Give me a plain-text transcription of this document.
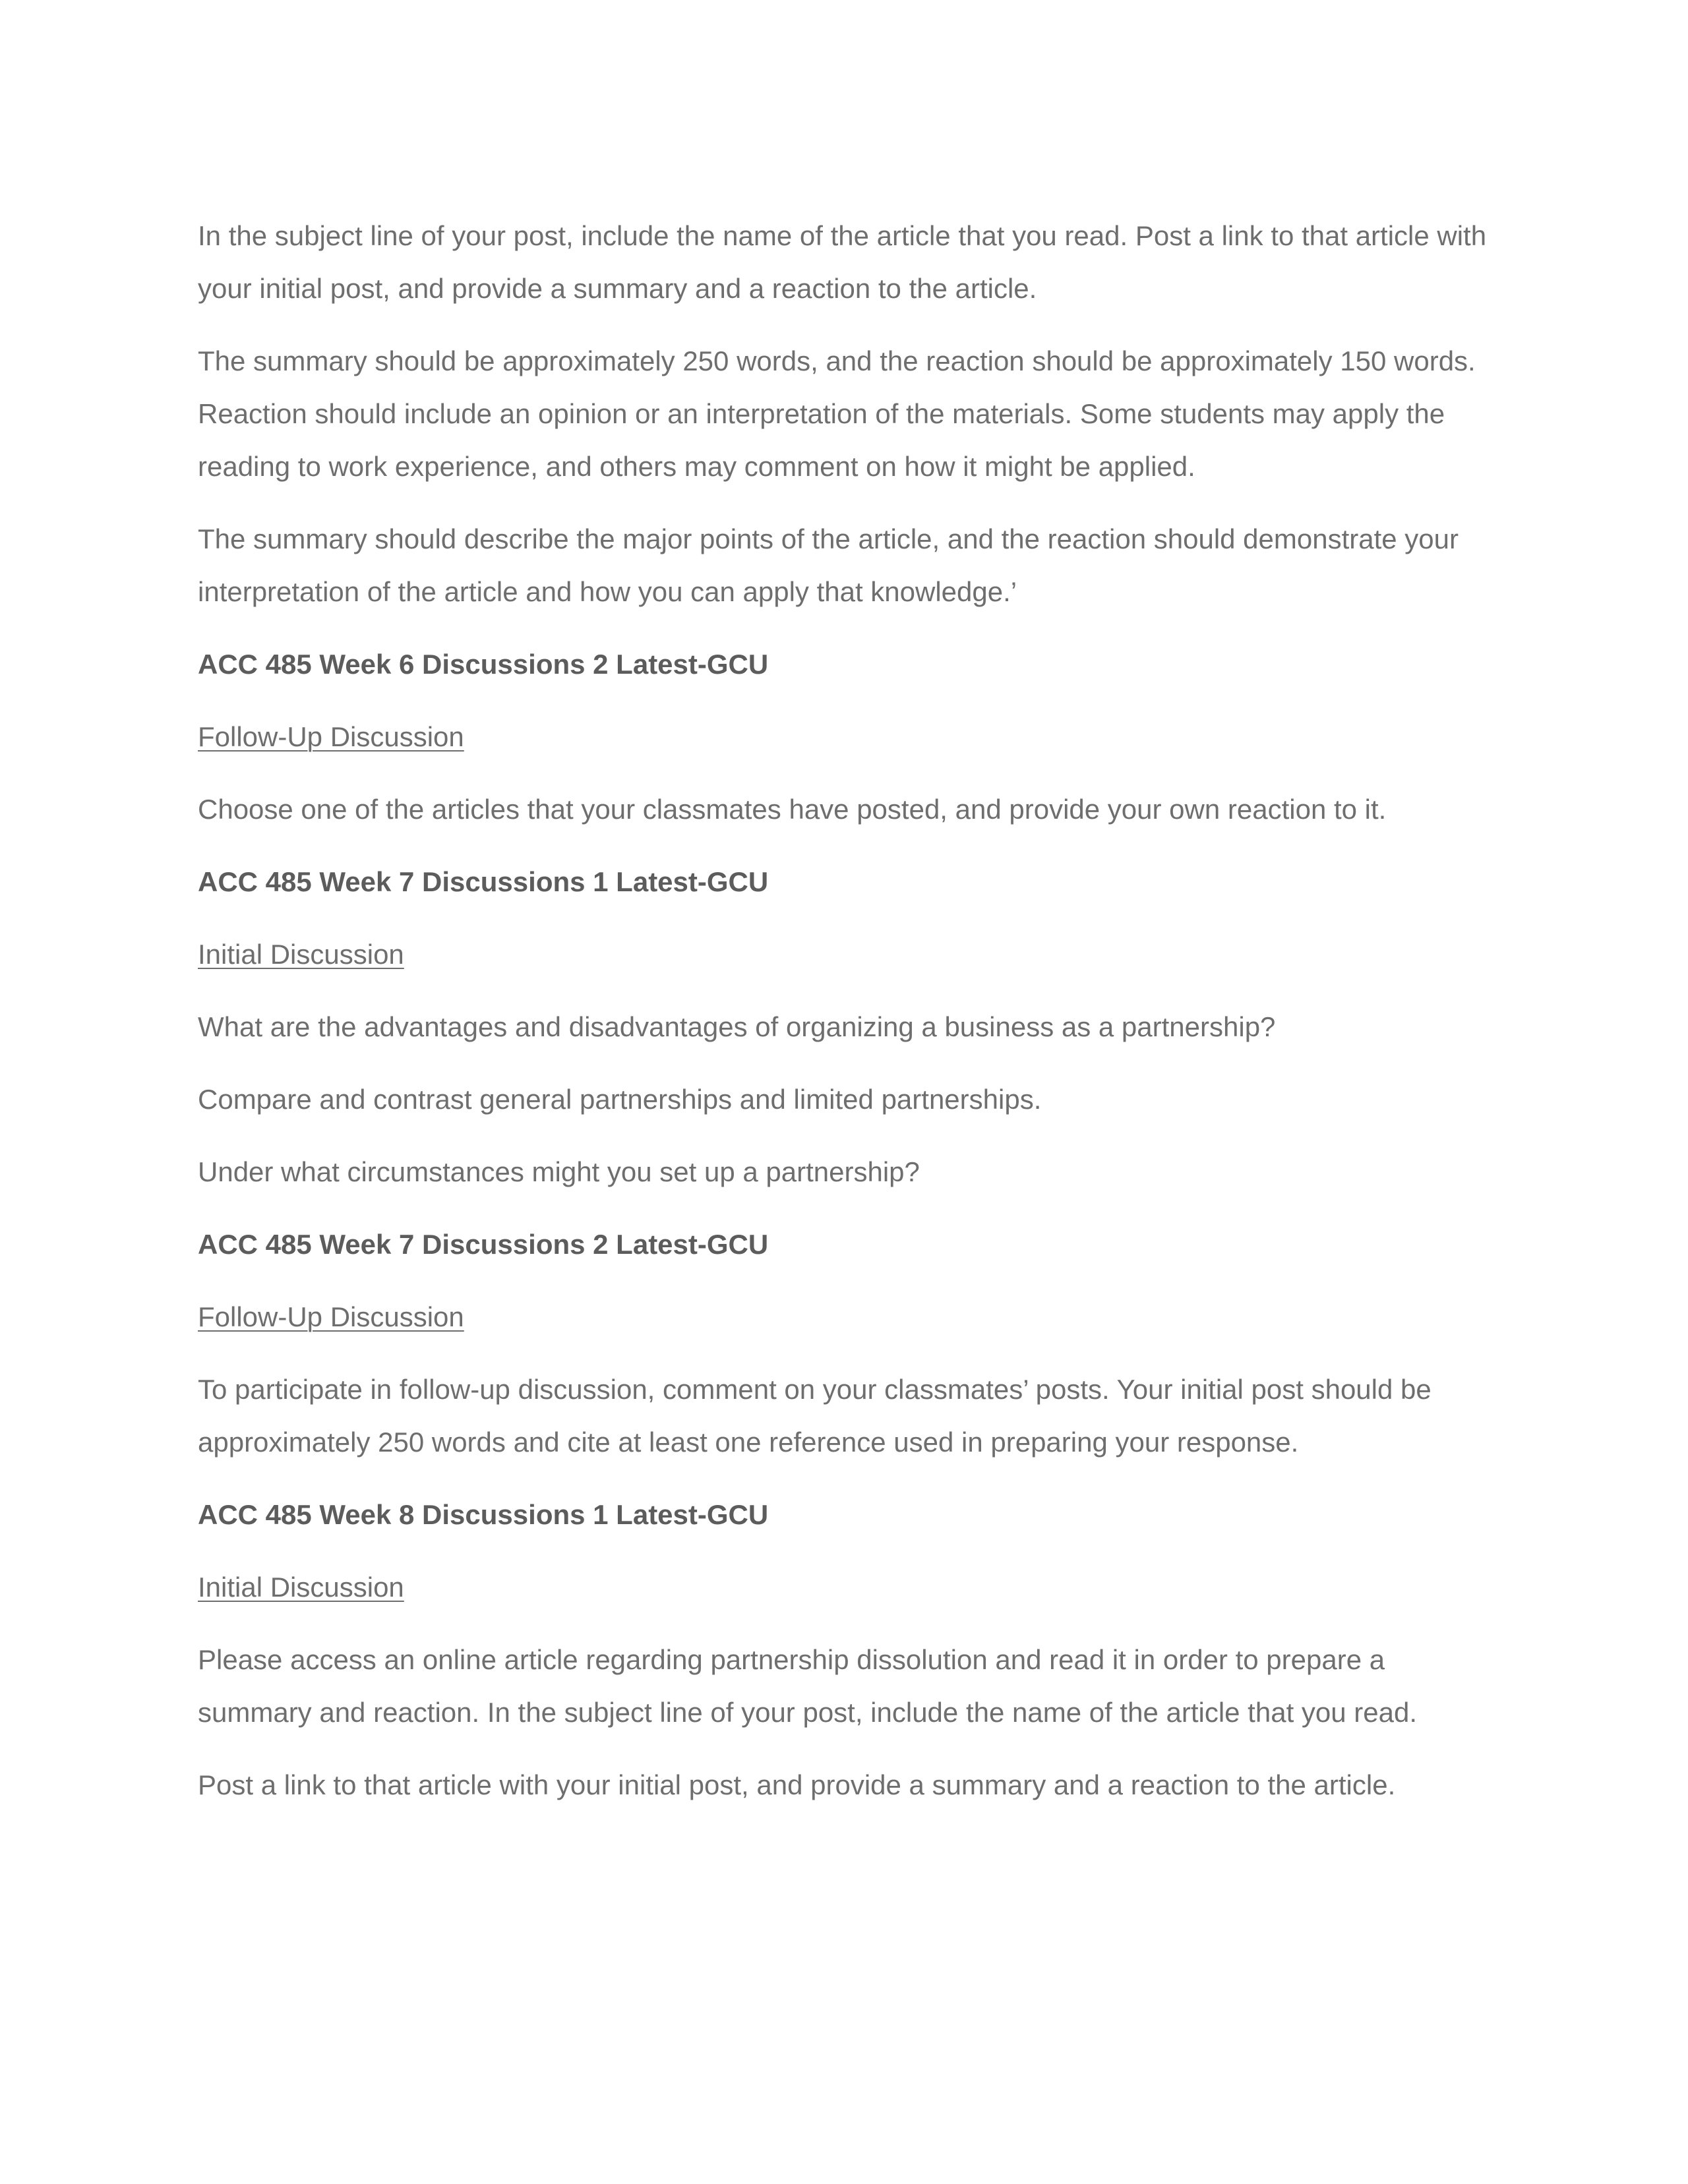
In the subject line of your post, include the name of the article that you read. Post a link to that article with your initial post, and provide a summary and a reaction to the article.

The summary should be approximately 250 words, and the reaction should be approximately 150 words. Reaction should include an opinion or an interpretation of the materials. Some students may apply the reading to work experience, and others may comment on how it might be applied.

The summary should describe the major points of the article, and the reaction should demonstrate your interpretation of the article and how you can apply that knowledge.’

ACC 485 Week 6 Discussions 2 Latest-GCU

Follow-Up Discussion

Choose one of the articles that your classmates have posted, and provide your own reaction to it.

ACC 485 Week 7 Discussions 1 Latest-GCU

Initial Discussion

What are the advantages and disadvantages of organizing a business as a partnership?

Compare and contrast general partnerships and limited partnerships.

Under what circumstances might you set up a partnership?

ACC 485 Week 7 Discussions 2 Latest-GCU

Follow-Up Discussion

To participate in follow-up discussion, comment on your classmates’ posts. Your initial post should be approximately 250 words and cite at least one reference used in preparing your response.

ACC 485 Week 8 Discussions 1 Latest-GCU

Initial Discussion

Please access an online article regarding partnership dissolution and read it in order to prepare a summary and reaction. In the subject line of your post, include the name of the article that you read.

Post a link to that article with your initial post, and provide a summary and a reaction to the article.
